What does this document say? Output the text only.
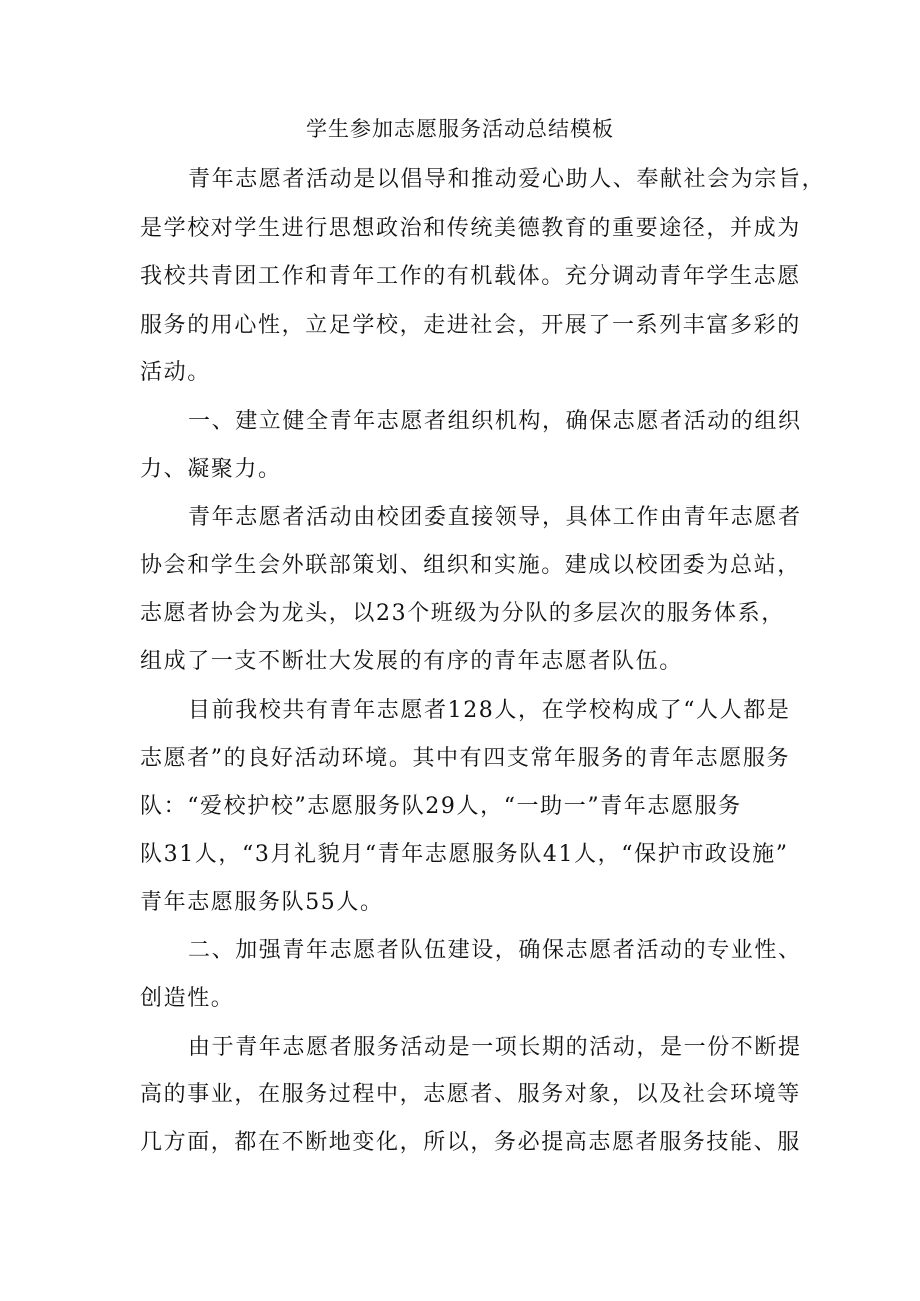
学生参加志愿服务活动总结模板

青年志愿者活动是以倡导和推动爱心助人、奉献社会为宗旨，

是学校对学生进行思想政治和传统美德教育的重要途径，并成为

我校共青团工作和青年工作的有机载体。充分调动青年学生志愿

服务的用心性，立足学校，走进社会，开展了一系列丰富多彩的

活动。

一、建立健全青年志愿者组织机构，确保志愿者活动的组织

力、凝聚力。

青年志愿者活动由校团委直接领导，具体工作由青年志愿者

协会和学生会外联部策划、组织和实施。建成以校团委为总站，

志愿者协会为龙头，以23个班级为分队的多层次的服务体系，

组成了一支不断壮大发展的有序的青年志愿者队伍。

目前我校共有青年志愿者128人，在学校构成了“人人都是

志愿者”的良好活动环境。其中有四支常年服务的青年志愿服务

队：“爱校护校”志愿服务队29人，“一助一”青年志愿服务

队31人，“3月礼貌月“青年志愿服务队41人，“保护市政设施”

青年志愿服务队55人。

二、加强青年志愿者队伍建设，确保志愿者活动的专业性、

创造性。

由于青年志愿者服务活动是一项长期的活动，是一份不断提

高的事业，在服务过程中，志愿者、服务对象，以及社会环境等

几方面，都在不断地变化，所以，务必提高志愿者服务技能、服
